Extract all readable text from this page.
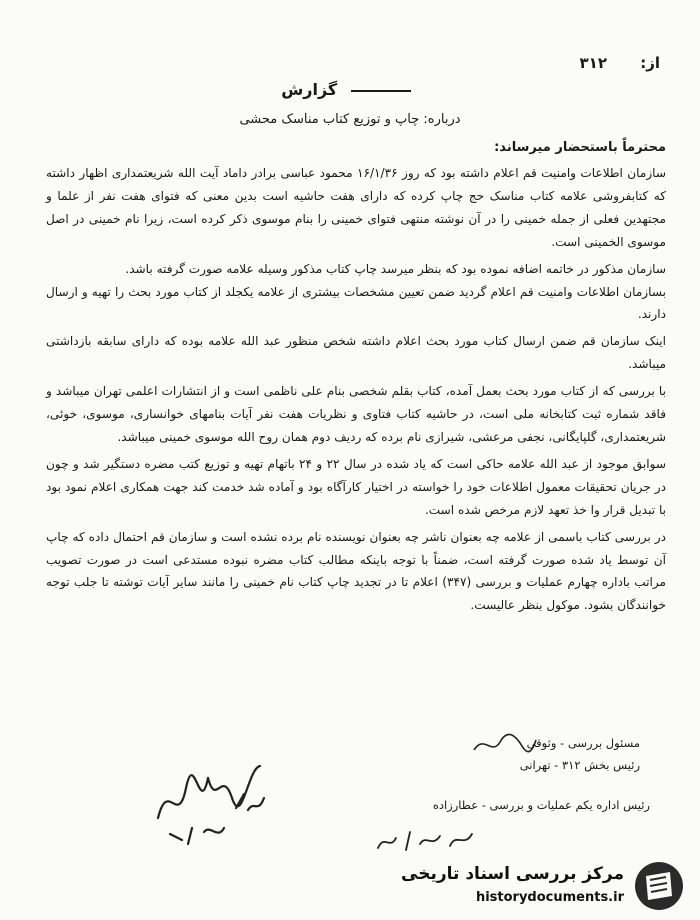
از: ۳۱۲
گزارش
درباره: چاپ و توزیع کتاب مناسک محشی
محترماً باستحضار میرساند:

سازمان اطلاعات وامنیت قم اعلام داشته بود که روز ۱۶/۱/۳۶ محمود عباسی برادر داماد آیت الله شریعتمداری اظهار داشته که کتابفروشی علامه کتاب مناسک حج چاپ کرده که دارای هفت حاشیه است بدین معنی که فتوای هفت نفر از علما و مجتهدین فعلی از جمله خمینی را در آن نوشته منتهی فتوای خمینی را بنام موسوی ذکر کرده است، زیرا نام خمینی در اصل موسوی الخمینی است.

سازمان مذکور در خاتمه اضافه نموده بود که بنظر میرسد چاپ کتاب مذکور وسیله علامه صورت گرفته باشد.

بسازمان اطلاعات وامنیت قم اعلام گردید ضمن تعیین مشخصات بیشتری از علامه یکجلد از کتاب مورد بحث را تهیه و ارسال دارند.

اینک سازمان قم ضمن ارسال کتاب مورد بحث اعلام داشته شخص منظور عبد الله علامه بوده که دارای سابقه بازداشتی میباشد.

با بررسی که از کتاب مورد بحث بعمل آمده، کتاب بقلم شخصی بنام علی ناظمی است و از انتشارات اعلمی تهران میباشد و فاقد شماره ثبت کتابخانه ملی است، در حاشیه کتاب فتاوی و نظریات هفت نفر آیات بنامهای خوانساری، موسوی، خوئی، شریعتمداری، گلپایگانی، نجفی مرعشی، شیرازی نام برده که ردیف دوم همان روح الله موسوی خمینی میباشد.

سوابق موجود از عبد الله علامه حاکی است که یاد شده در سال ۲۲ و ۲۴ باتهام تهیه و توزیع کتب مضره دستگیر شد و چون در جریان تحقیقات معمول اطلاعات خود را خواسته در اختیار کارآگاه بود و آماده شد خدمت کند جهت همکاری اعلام نمود بود با تبدیل قرار وا خذ تعهد لازم مرخص شده است.

در بررسی کتاب باسمی از علامه چه بعنوان ناشر چه بعنوان نویسنده نام برده نشده است و سازمان قم احتمال داده که چاپ آن توسط یاد شده صورت گرفته است، ضمناً با توجه باینکه مطالب کتاب مضره نبوده مستدعی است در صورت تصویب مراتب باداره چهارم عملیات و بررسی (۳۴۷) اعلام تا در تجدید چاپ کتاب نام خمینی را مانند سایر آیات توشته تا جلب توجه خوانندگان بشود. موکول بنظر عالیست.

مسئول بررسی - وثوقی
رئیس بخش ۳۱۲ - تهرانی
رئیس اداره یکم عملیات و بررسی - عطارزاده
مرکز بررسی اسناد تاریخی
historydocuments.ir
